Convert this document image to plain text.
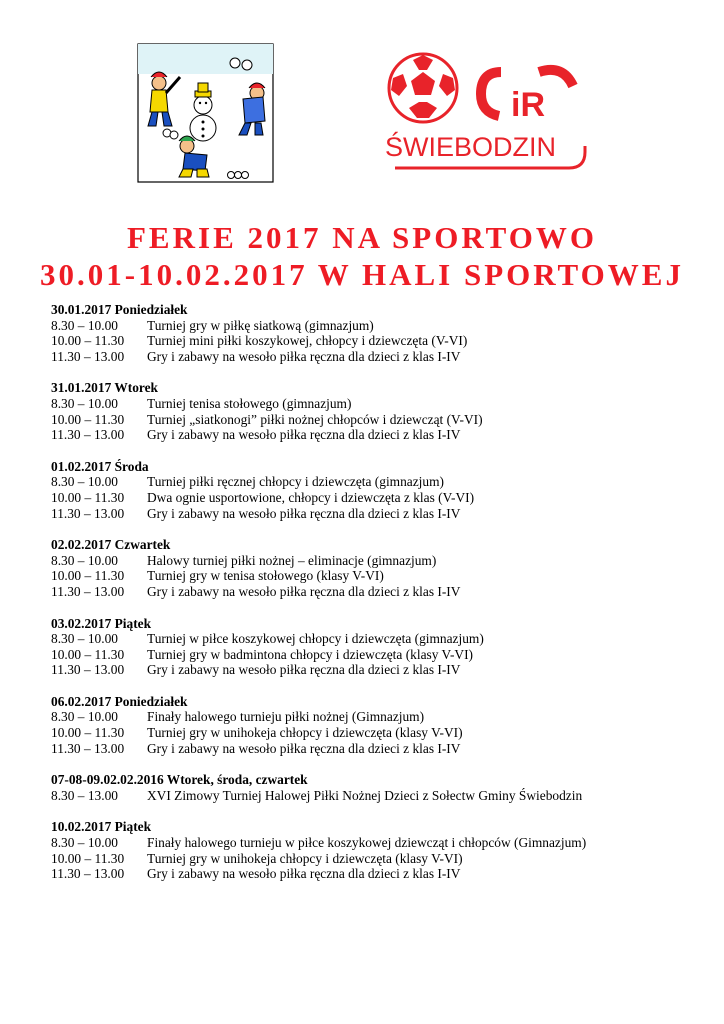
iR
ŚWIEBODZIN
FERIE 2017 NA SPORTOWO
30.01-10.02.2017 W HALI SPORTOWEJ
30.01.2017 Poniedziałek
8.30 – 10.00	Turniej gry w piłkę siatkową (gimnazjum)
10.00 – 11.30	Turniej mini piłki koszykowej, chłopcy i dziewczęta (V-VI)
11.30 – 13.00	Gry i zabawy na wesoło piłka ręczna dla dzieci z klas I-IV
31.01.2017 Wtorek
8.30 – 10.00	Turniej tenisa stołowego (gimnazjum)
10.00 – 11.30	Turniej „siatkonogi” piłki nożnej chłopców i dziewcząt (V-VI)
11.30 – 13.00	Gry i zabawy na wesoło piłka ręczna dla dzieci z klas I-IV
01.02.2017 Środa
8.30 – 10.00	Turniej piłki ręcznej chłopcy i dziewczęta (gimnazjum)
10.00 – 11.30	Dwa ognie usportowione, chłopcy i dziewczęta z klas (V-VI)
11.30 – 13.00	Gry i zabawy na wesoło piłka ręczna dla dzieci z klas I-IV
02.02.2017 Czwartek
8.30 – 10.00	Halowy turniej piłki nożnej – eliminacje (gimnazjum)
10.00 – 11.30	Turniej gry w tenisa stołowego (klasy V-VI)
11.30 – 13.00	Gry i zabawy na wesoło piłka ręczna dla dzieci z klas I-IV
03.02.2017 Piątek
8.30 – 10.00	Turniej w piłce koszykowej chłopcy i dziewczęta (gimnazjum)
10.00 – 11.30	Turniej gry w badmintona chłopcy i dziewczęta (klasy V-VI)
11.30 – 13.00	Gry i zabawy na wesoło piłka ręczna dla dzieci z klas I-IV
06.02.2017 Poniedziałek
8.30 – 10.00	Finały halowego turnieju piłki nożnej (Gimnazjum)
10.00 – 11.30	Turniej gry w unihokeja chłopcy i dziewczęta (klasy V-VI)
11.30 – 13.00	Gry i zabawy na wesoło piłka ręczna dla dzieci z klas I-IV
07-08-09.02.02.2016 Wtorek, środa, czwartek
8.30 – 13.00	XVI Zimowy Turniej Halowej Piłki Nożnej Dzieci z Sołectw Gminy Świebodzin
10.02.2017 Piątek
8.30 – 10.00	Finały halowego turnieju w piłce koszykowej dziewcząt i chłopców (Gimnazjum)
10.00 – 11.30	Turniej gry w unihokeja chłopcy i dziewczęta (klasy V-VI)
11.30 – 13.00	Gry i zabawy na wesoło piłka ręczna dla dzieci z klas I-IV
